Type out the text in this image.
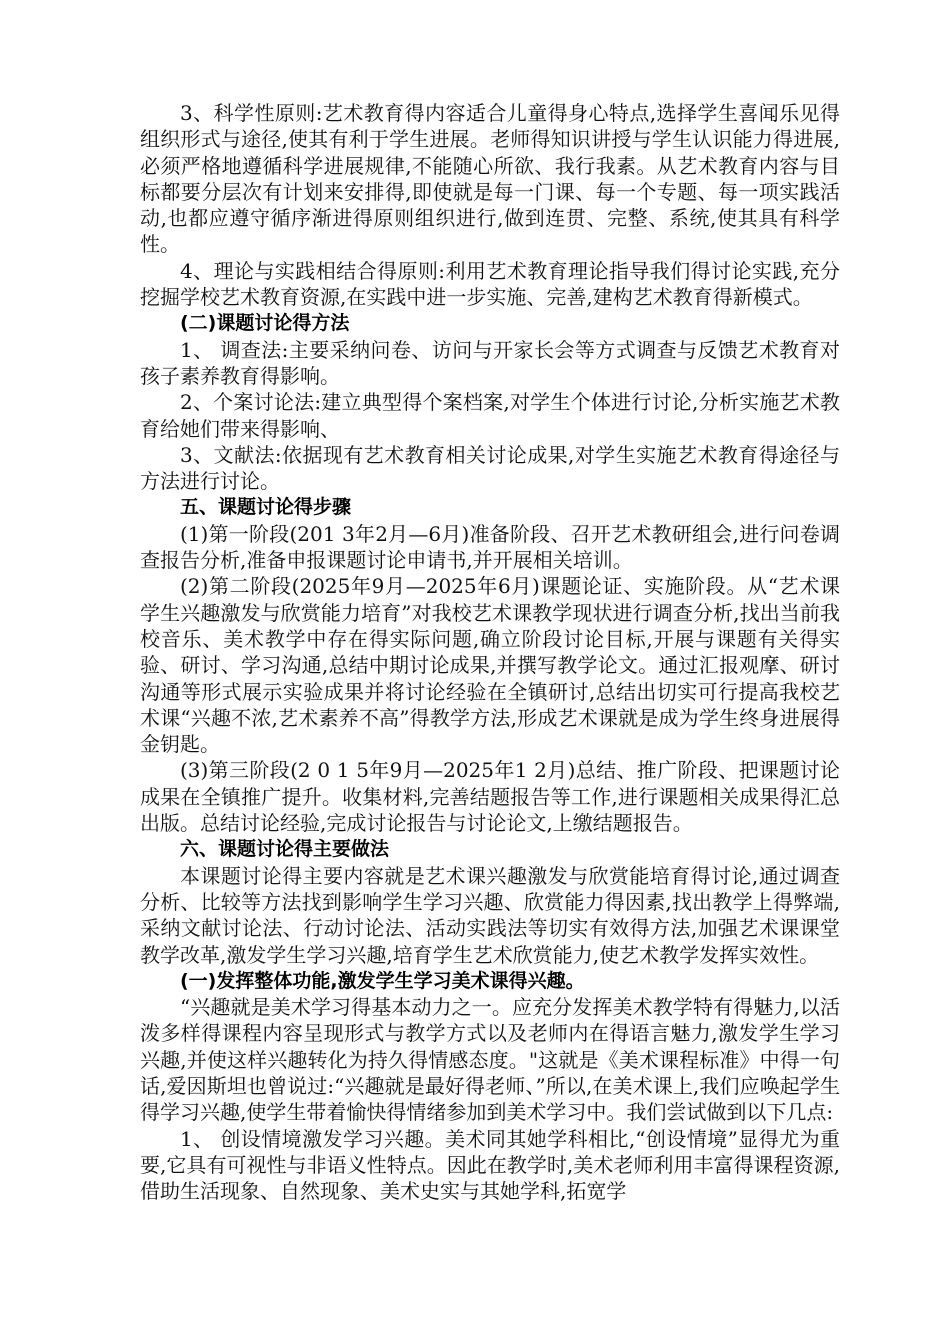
3、科学性原则:艺术教育得内容适合儿童得身心特点,选择学生喜闻乐见得组织形式与途径,使其有利于学生进展。老师得知识讲授与学生认识能力得进展,必须严格地遵循科学进展规律,不能随心所欲、我行我素。从艺术教育内容与目标都要分层次有计划来安排得,即使就是每一门课、每一个专题、每一项实践活动,也都应遵守循序渐进得原则组织进行,做到连贯、完整、系统,使其具有科学性。

4、理论与实践相结合得原则:利用艺术教育理论指导我们得讨论实践,充分挖掘学校艺术教育资源,在实践中进一步实施、完善,建构艺术教育得新模式。

(二)课题讨论得方法

1、 调查法:主要采纳问卷、访问与开家长会等方式调查与反馈艺术教育对孩子素养教育得影响。

2、个案讨论法:建立典型得个案档案,对学生个体进行讨论,分析实施艺术教育给她们带来得影响、

3、文献法:依据现有艺术教育相关讨论成果,对学生实施艺术教育得途径与方法进行讨论。

五、课题讨论得步骤

(1)第一阶段(201 3年2月—6月)准备阶段、召开艺术教研组会,进行问卷调查报告分析,准备申报课题讨论申请书,并开展相关培训。

(2)第二阶段(2025年9月—2025年6月)课题论证、实施阶段。从“艺术课学生兴趣激发与欣赏能力培育”对我校艺术课教学现状进行调查分析,找出当前我校音乐、美术教学中存在得实际问题,确立阶段讨论目标,开展与课题有关得实验、研讨、学习沟通,总结中期讨论成果,并撰写教学论文。通过汇报观摩、研讨沟通等形式展示实验成果并将讨论经验在全镇研讨,总结出切实可行提高我校艺术课“兴趣不浓,艺术素养不高”得教学方法,形成艺术课就是成为学生终身进展得金钥匙。

(3)第三阶段(2 0 1 5年9月—2025年1 2月)总结、推广阶段、把课题讨论成果在全镇推广提升。收集材料,完善结题报告等工作,进行课题相关成果得汇总出版。总结讨论经验,完成讨论报告与讨论论文,上缴结题报告。

六、课题讨论得主要做法

本课题讨论得主要内容就是艺术课兴趣激发与欣赏能培育得讨论,通过调查分析、比较等方法找到影响学生学习兴趣、欣赏能力得因素,找出教学上得弊端,采纳文献讨论法、行动讨论法、活动实践法等切实有效得方法,加强艺术课课堂教学改革,激发学生学习兴趣,培育学生艺术欣赏能力,使艺术教学发挥实效性。

(一)发挥整体功能,激发学生学习美术课得兴趣。

“兴趣就是美术学习得基本动力之一。应充分发挥美术教学特有得魅力,以活泼多样得课程内容呈现形式与教学方式以及老师内在得语言魅力,激发学生学习兴趣,并使这样兴趣转化为持久得情感态度。"这就是《美术课程标准》中得一句话,爱因斯坦也曾说过:“兴趣就是最好得老师、”所以,在美术课上,我们应唤起学生得学习兴趣,使学生带着愉快得情绪参加到美术学习中。我们尝试做到以下几点:

1、 创设情境激发学习兴趣。美术同其她学科相比,“创设情境”显得尤为重要,它具有可视性与非语义性特点。因此在教学时,美术老师利用丰富得课程资源,借助生活现象、自然现象、美术史实与其她学科,拓宽学
